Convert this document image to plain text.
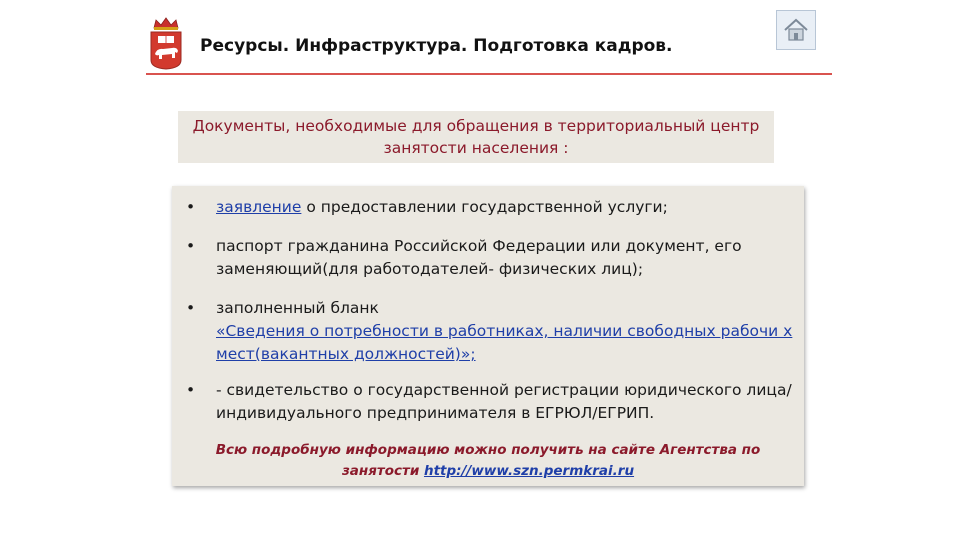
Ресурсы. Инфраструктура. Подготовка кадров.
Документы, необходимые для обращения в территориальный центр занятости населения :
•	заявление о предоставлении государственной услуги;
•	паспорт гражданина Российской Федерации или документ, его заменяющий(для работодателей- физических лиц);
•	заполненный бланк
«Сведения о потребности в работниках, наличии свободных рабочи х мест(вакантных должностей)»;
•	- свидетельство о государственной регистрации юридического лица/индивидуального предпринимателя в ЕГРЮЛ/ЕГРИП.
Всю подробную информацию можно получить на сайте Агентства по занятости http://www.szn.permkrai.ru
